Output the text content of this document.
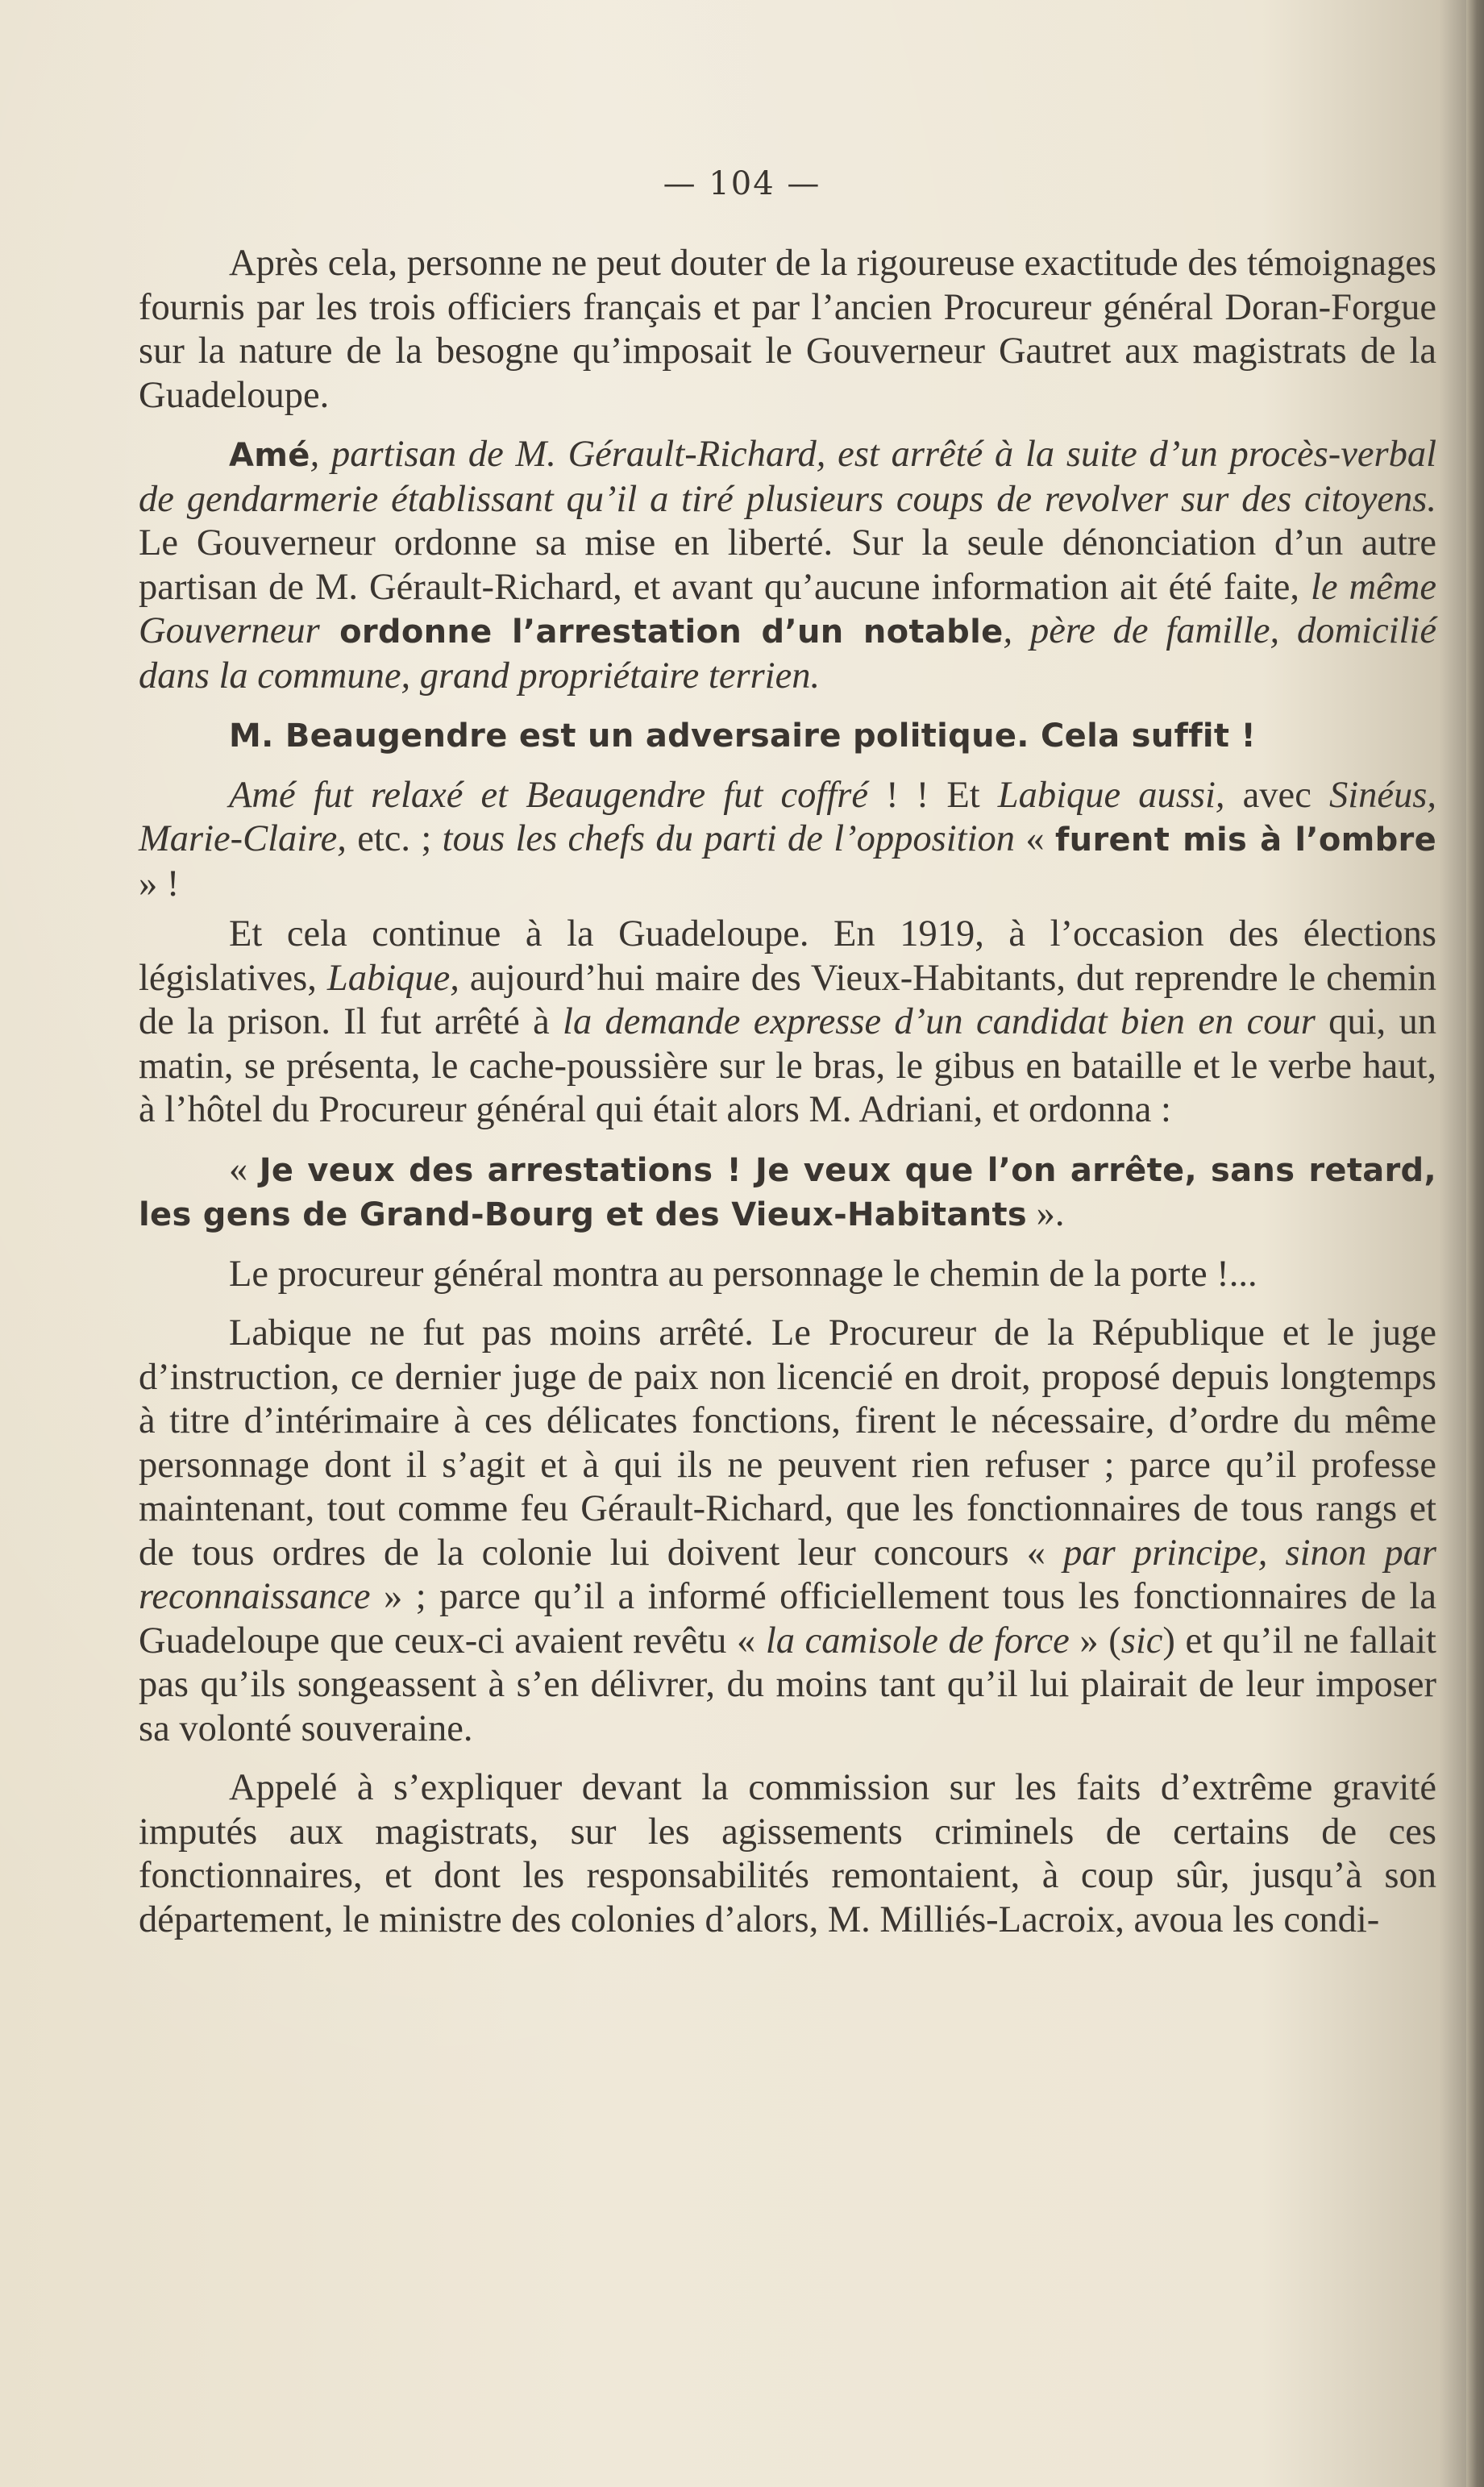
— 104 —

Après cela, personne ne peut douter de la rigoureuse exactitude des témoignages fournis par les trois officiers français et par l’ancien Procureur général Doran-Forgue sur la nature de la besogne qu’imposait le Gouverneur Gautret aux magistrats de la Guadeloupe.

Amé, partisan de M. Gérault-Richard, est arrêté à la suite d’un procès-verbal de gendarmerie établissant qu’il a tiré plusieurs coups de revolver sur des citoyens. Le Gouverneur ordonne sa mise en liberté. Sur la seule dénonciation d’un autre partisan de M. Gérault-Richard, et avant qu’aucune information ait été faite, le même Gouverneur ordonne l’arrestation d’un notable, père de famille, domicilié dans la commune, grand propriétaire terrien.

M. Beaugendre est un adversaire politique. Cela suffit !

Amé fut relaxé et Beaugendre fut coffré ! ! Et Labique aussi, avec Sinéus, Marie-Claire, etc. ; tous les chefs du parti de l’opposition « furent mis à l’ombre » !

Et cela continue à la Guadeloupe. En 1919, à l’occasion des élections législatives, Labique, aujourd’hui maire des Vieux-Habitants, dut reprendre le chemin de la prison. Il fut arrêté à la demande expresse d’un candidat bien en cour qui, un matin, se présenta, le cache-poussière sur le bras, le gibus en bataille et le verbe haut, à l’hôtel du Procureur général qui était alors M. Adriani, et ordonna :

« Je veux des arrestations ! Je veux que l’on arrête, sans retard, les gens de Grand-Bourg et des Vieux-Habitants ».

Le procureur général montra au personnage le chemin de la porte !...

Labique ne fut pas moins arrêté. Le Procureur de la République et le juge d’instruction, ce dernier juge de paix non licencié en droit, proposé depuis longtemps à titre d’intérimaire à ces délicates fonctions, firent le nécessaire, d’ordre du même personnage dont il s’agit et à qui ils ne peuvent rien refuser ; parce qu’il professe maintenant, tout comme feu Gérault-Richard, que les fonctionnaires de tous rangs et de tous ordres de la colonie lui doivent leur concours « par principe, sinon par reconnaissance » ; parce qu’il a informé officiellement tous les fonctionnaires de la Guadeloupe que ceux-ci avaient revêtu « la camisole de force » (sic) et qu’il ne fallait pas qu’ils songeassent à s’en délivrer, du moins tant qu’il lui plairait de leur imposer sa volonté souveraine.

Appelé à s’expliquer devant la commission sur les faits d’extrême gravité imputés aux magistrats, sur les agissements criminels de certains de ces fonctionnaires, et dont les responsabilités remontaient, à coup sûr, jusqu’à son département, le ministre des colonies d’alors, M. Milliés-Lacroix, avoua les condi-
